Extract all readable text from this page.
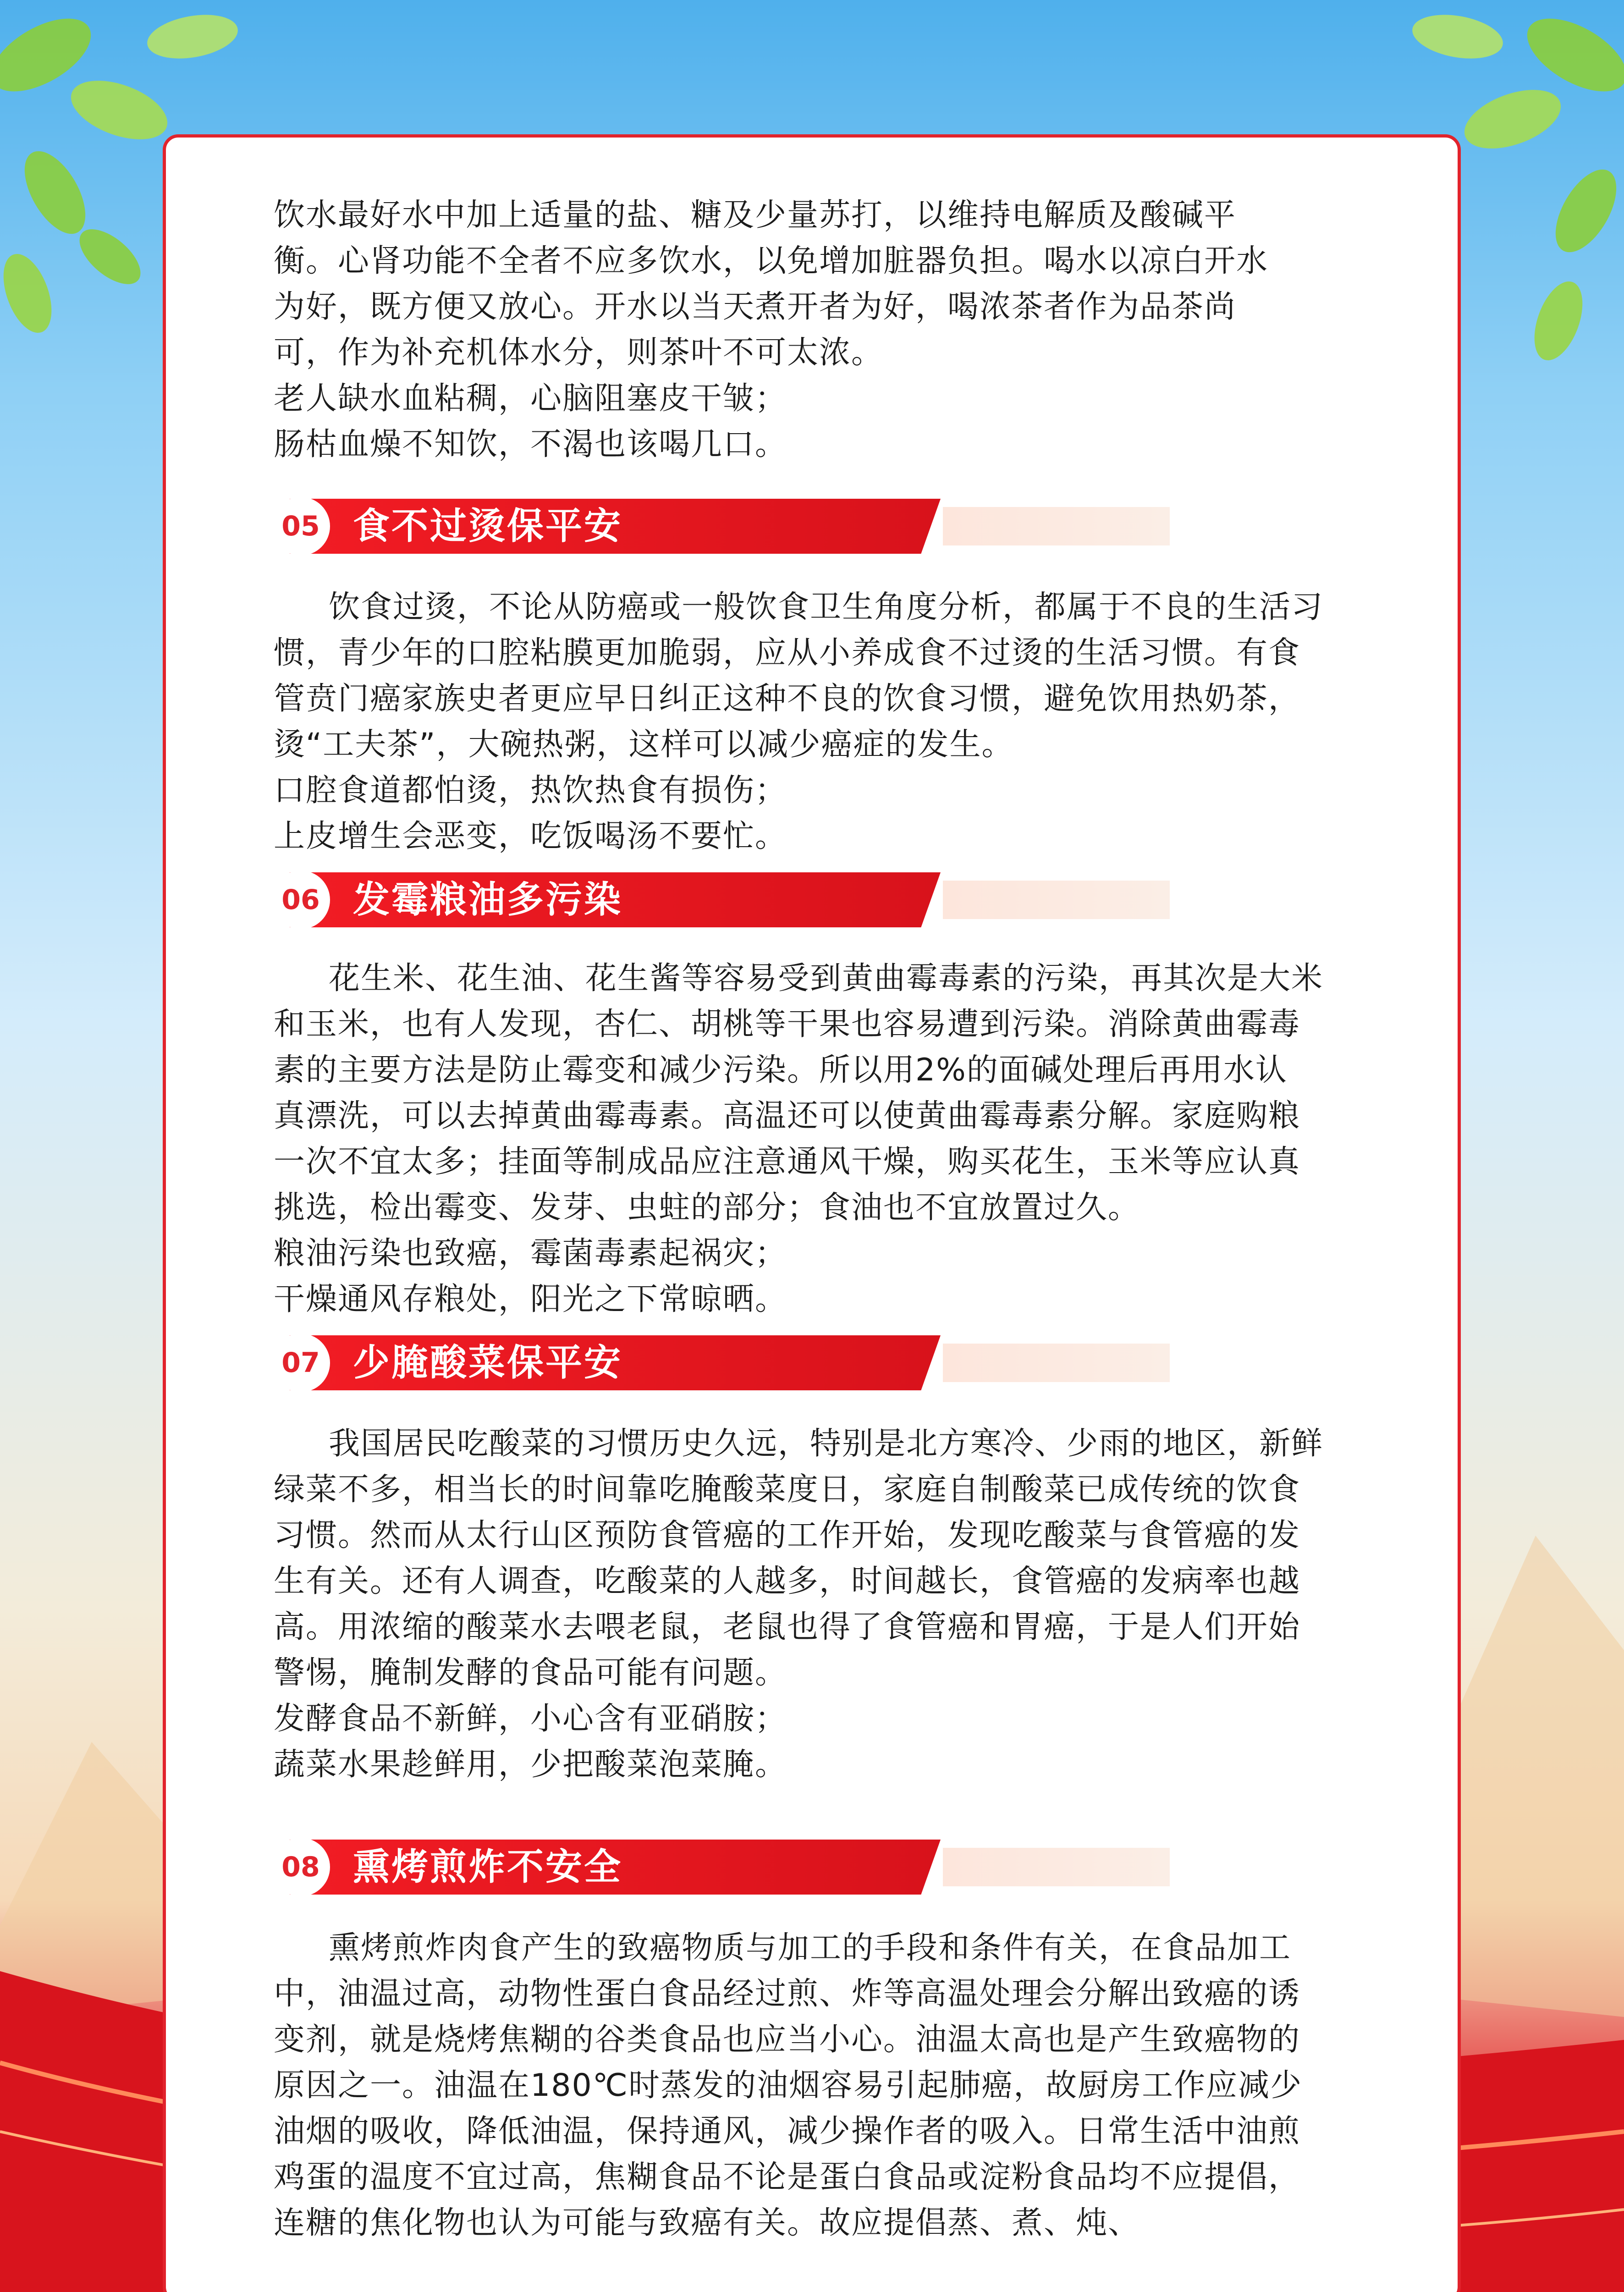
饮水最好水中加上适量的盐、糖及少量苏打，以维持电解质及酸碱平
衡。心肾功能不全者不应多饮水，以免增加脏器负担。喝水以凉白开水
为好，既方便又放心。开水以当天煮开者为好，喝浓茶者作为品茶尚
可，作为补充机体水分，则茶叶不可太浓。
老人缺水血粘稠，心脑阻塞皮干皱；
肠枯血燥不知饮，不渴也该喝几口。

05 食不过烫保平安

饮食过烫，不论从防癌或一般饮食卫生角度分析，都属于不良的生活习
惯，青少年的口腔粘膜更加脆弱，应从小养成食不过烫的生活习惯。有食
管贲门癌家族史者更应早日纠正这种不良的饮食习惯，避免饮用热奶茶，
烫“工夫茶”，大碗热粥，这样可以减少癌症的发生。
口腔食道都怕烫，热饮热食有损伤；
上皮增生会恶变，吃饭喝汤不要忙。

06 发霉粮油多污染

花生米、花生油、花生酱等容易受到黄曲霉毒素的污染，再其次是大米
和玉米，也有人发现，杏仁、胡桃等干果也容易遭到污染。消除黄曲霉毒
素的主要方法是防止霉变和减少污染。所以用2%的面碱处理后再用水认
真漂洗，可以去掉黄曲霉毒素。高温还可以使黄曲霉毒素分解。家庭购粮
一次不宜太多；挂面等制成品应注意通风干燥，购买花生，玉米等应认真
挑选，检出霉变、发芽、虫蛀的部分；食油也不宜放置过久。
粮油污染也致癌，霉菌毒素起祸灾；
干燥通风存粮处，阳光之下常晾晒。

07 少腌酸菜保平安

我国居民吃酸菜的习惯历史久远，特别是北方寒冷、少雨的地区，新鲜
绿菜不多，相当长的时间靠吃腌酸菜度日，家庭自制酸菜已成传统的饮食
习惯。然而从太行山区预防食管癌的工作开始，发现吃酸菜与食管癌的发
生有关。还有人调查，吃酸菜的人越多，时间越长，食管癌的发病率也越
高。用浓缩的酸菜水去喂老鼠，老鼠也得了食管癌和胃癌，于是人们开始
警惕，腌制发酵的食品可能有问题。
发酵食品不新鲜，小心含有亚硝胺；
蔬菜水果趁鲜用，少把酸菜泡菜腌。

08 熏烤煎炸不安全

熏烤煎炸肉食产生的致癌物质与加工的手段和条件有关，在食品加工
中，油温过高，动物性蛋白食品经过煎、炸等高温处理会分解出致癌的诱
变剂，就是烧烤焦糊的谷类食品也应当小心。油温太高也是产生致癌物的
原因之一。油温在180℃时蒸发的油烟容易引起肺癌，故厨房工作应减少
油烟的吸收，降低油温，保持通风，减少操作者的吸入。日常生活中油煎
鸡蛋的温度不宜过高，焦糊食品不论是蛋白食品或淀粉食品均不应提倡，
连糖的焦化物也认为可能与致癌有关。故应提倡蒸、煮、炖、
